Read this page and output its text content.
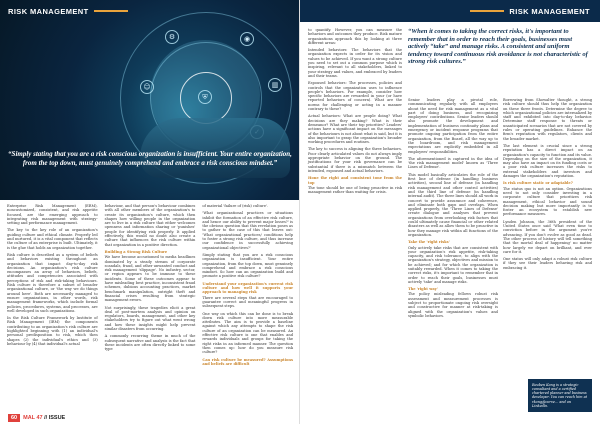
⛨
⚙	◉
▥
☺
RISK MANAGEMENT
“Simply stating that you are a risk conscious organization is insufficient. Your entire organization, from the top down, must genuinely comprehend and embrace a risk conscious mindset.”

Enterprise Risk Management (ERM), noncustomized, consistent, and risk appetite focused, are the emerging approach to integrating risk management with strategy-setting and performance management.

The key to the key role of an organization's guiding culture and ethical climate. Properly led and nurtured, it is a vital component that reflects the culture of an enterprise is built. Ultimately, it is the glue that holds an organization together.

Risk culture is described as a system of beliefs and behaviors existing throughout an organization that impact day-to-day risk decisions. An organization's risk culture encompasses an array of behaviors, beliefs, attitudes and competencies associated with perceptions of risk and risk-taking behaviours. Risk culture is therefore a subset of broader organizational culture, or 'the way we do things around here'. Both are necessarily managed to ensure organizations, in other words, risk management frameworks, which include formal policies, procedures, systems, and processes, are well developed in such organizations.

In the Risk Culture Framework by Institute of Risk Management (IRM) the components contributing to an organization's risk culture are highlighted beginning with (1) an individual's personal predisposition to risk, which then shapes (2) the individual's ethics and (3) behaviour by (4) that individual's actual

behaviour, and that person's behaviour combines with all other members of the organization's to create its organization's culture, which then shapes how willing people in the organization are to live in a risk culture that either welcomes openness and information sharing or 'punishes' people for identifying risk properly. It applied effectively, this would no doubt also create a culture that influences the risk culture within that organization in a positive direction.

Building a Strong Risk Culture

We have become accustomed to media headlines dominated by a steady stream of corporate scandals, fraud, and other unwanted conduct and risk management 'slippage'. No industry, sector, or region appears to be immune to these incidents. Some of these outcomes appear to have misleading best practice, inconsistent fraud schemes, dubious accounting practices, market benchmark manipulation, outright theft and financial crises resulting from strategic management errors.

Not surprisingly, these tragedies elicit a great deal of post-mortem analysis and opinion on regulators, boards, management, and other key stakeholders try to figure out what went wrong and how these insights might help prevent similar disasters from occurring.

A commonly recurring theme in much of the subsequent narrative and analysis is the fact that these incidents are often directly linked to some type

of material 'failure of (risk) culture'.

'What organizational practices or situations inhibit the formation of an effective risk culture, and hence our ability to prevent major losses?' is the obvious question that this revelation poses as to gather to the case of this that leaves out: 'What organizational practices/ conditions help to foster a strong risk culture, and thus increase our confidence in successfully achieving organizational objectives?'

Simply stating that you are a risk conscious organization is insufficient. Your entire organization, from the top down, must genuinely comprehend and embrace a risk conscious mindset. So how can an organization build and promote a positive risk culture?

Understand your organization's current risk culture and how well it supports your approach to managing risk

There are several steps that are encouraged to guarantee correct and meaningful progress in subsequent steps.

One way on which this can be done is to break down risk culture into more measurable attributes. The aim is to provide a baseline against which any attempts to shape the risk culture of an organization can be measured. An effective risk culture is one that enables and rewards individuals and groups for taking the right risks in an informed manner. The question then comes up: how do you measure risk culture?

Can risk culture be measured? Assumptions and beliefs are difficult

60 MAL 47 // ISSUE
RISK MANAGEMENT

to quantify. However, you can measure the behaviors and outcomes they produce. Risk mature organizations approach this by looking at three different areas:

Intended behaviors: The behaviors that the organization expects in order for its vision and values to be achieved. If you want a strong culture you need to set out a common purpose which is inspiring, relevant to all stakeholders, linked to your strategy and values, and embraced by leaders and their teams.

Espoused behaviors: The processes, policies and controls that the organization uses to influence people's behaviors. For example, consider how specific behaviors are rewarded in your (or have reported behaviors of concern). What are the norms for challenging or acting in a manner contrary to these?

Actual behaviors: What are people doing? What decisions are they making? What is their demeanor? What are their top priorities? Leaders' actions have a significant impact on the messages of the behaviours is not about what is said, but it is also important to grasp the organization's broader working procedures and routines.

The key to success is aligning the three behaviors. Poor clearly articulated values do not always imply appropriate behavior on the ground. The justifications for your risk governance can be substantial if there is a mismatch between the intended, espoused and actual behaviors.

Hone the right and consistent tone from the top

The tone should be one of being proactive in risk management rather than waiting for crisis.

“When it comes to taking the correct risks, it's important to remember that in order to reach their goals, businesses must actively “take” and manage risks. A consistent and uniform tendency toward continuous risk avoidance is not characteristic of strong risk cultures.”

Senior leaders play a pivotal role, communicating regularly with all employees about the need for risk management as a vital part of doing business, and recognizing employees' contributions. Senior leaders should also promote the development and implementation of business continuity plans and emergency or incident response programs that promote ongoing participation from the entire organization, from the Board, all the way up to the boardroom, and risk management expectations are explicitly embedded in all employees' responsibilities.

The aforementioned is captured in the idea of 'the risk management model' known as 'Three Lines of Defense'.

This model basically articulates the role of the first line of defense (in handling business activities), second line of defense (in handling risk management and other control activities) and the third line of defense (in handling internal audit). The three lines should all work in concert to provide assurance and coherence, and eliminate both gaps and overlaps. When applied properly, the 'Three Lines of Defense' create dialogue and analyses that prevent organizations from overlooking risk factors that could ultimately cause financial or other related disasters as well as allow them to be proactive in how they manage risk within all functions of the organization.

Take the 'right risks'

Only actively take risks that are consistent with your organization's risk appetite, risk-taking capacity, and risk tolerance, to align with the organization's strategy, objectives and mission to be achieved; and for which the organization is suitably rewarded. When it comes to taking the correct risks, it's important to remember that in order to reach their goals, businesses must actively 'take' and manage risks.

The 'right way'

The policy misleading fellows robust risk assessment and measurement processes is subject to proportionate ongoing risk oversight and constructive for manner at risk-taking is aligned with the organization's values and symbolic behaviors.

Borrowing from Showalter thought, a strong risk culture should thus help the organization on these three fronts. Determine the degree to which organizational policies are internalized by staff and exhibited into day-to-day behavior. Determine staff response to threats or unanticipated scenarios that are not covered by rules or operating guidelines. Enhance the firm's reputation with regulators, clients and the broader market.

The last element is crucial since a strong reputation has a direct impact on an organization's capacity to function and its value. Depending on the size of the organization, it may also have an impact on its funding costs or a poor risk culture increases the risks to external stakeholders and investors and damages the organization's reputation.

Is risk culture static or adaptable?

The status quo is not an option. Organizations need to not only consider investing in a corporate culture that prioritizes risk management, ethical behavior and sound decision making but more importantly is to foster an ecosystem to establish new performance measures.

Lynden Johnson, the 36th president of the United States once said 'What even time to conviction before in the argument you're advancing. If you don't evolve as good as dead. The other process of history will tell something that the mortal deal of happening' no matter how largely we depart on brilliant, and ever care for it.

One status will only adapt a robust risk culture if they see their leaders behaving risk and embracing it.

Reuben Kong is a strategic consultant and a certified chartered planner and business developer. You can reach him at rkong@cerve… and on LinkedIn.
